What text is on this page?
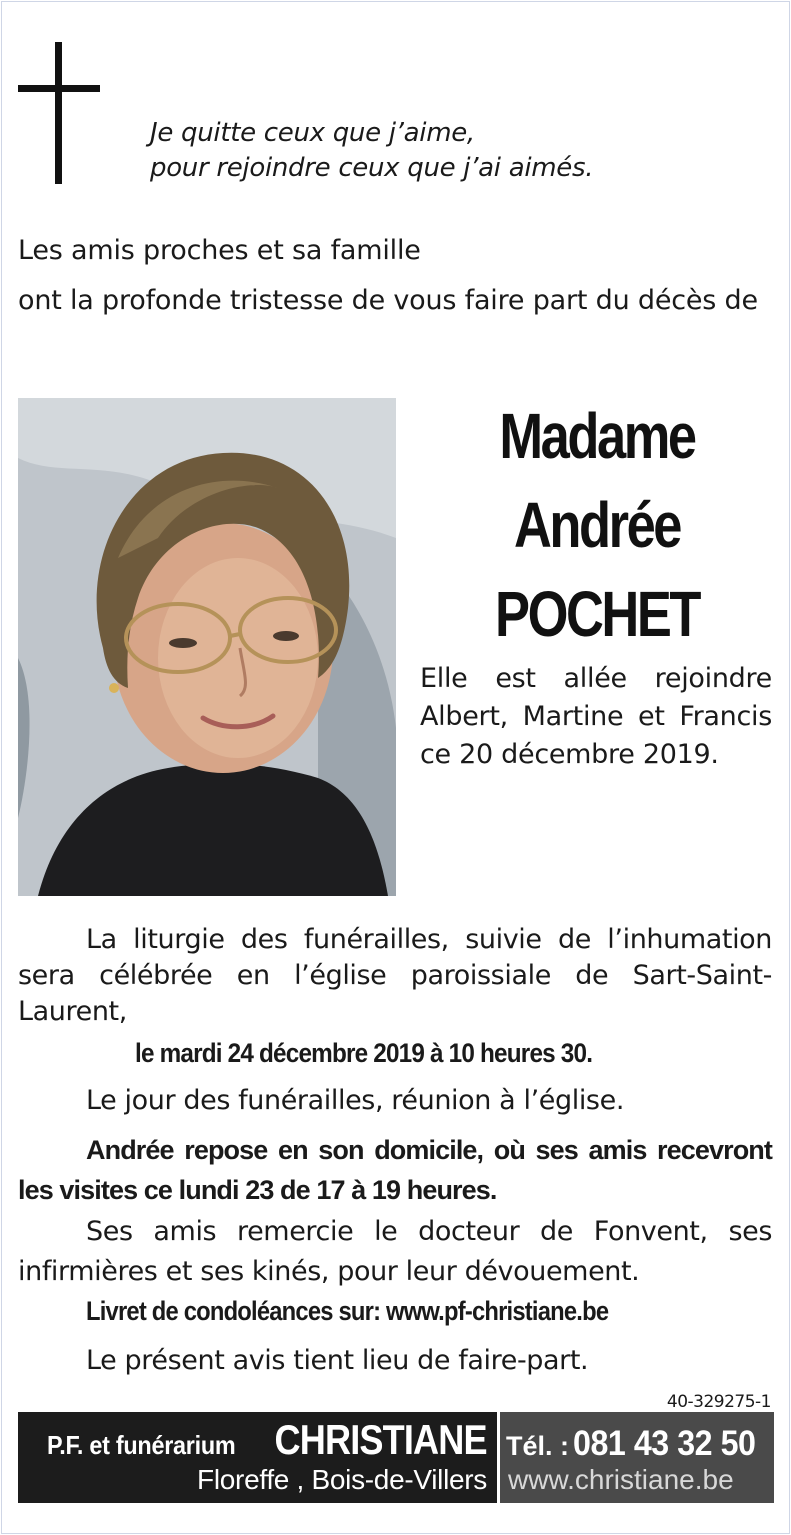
Je quitte ceux que j’aime,
pour rejoindre ceux que j’ai aimés.

Les amis proches et sa famille

ont la profonde tristesse de vous faire part du décès de

Madame
Andrée
POCHET

Elle est allée rejoindre Albert, Martine et Francis ce 20 décembre 2019.

La liturgie des funérailles, suivie de l’inhumation sera célébrée en l’église paroissiale de Sart-Saint-Laurent,

le mardi 24 décembre 2019 à 10 heures 30.

Le jour des funérailles, réunion à l’église.

Andrée repose en son domicile, où ses amis recevront les visites ce lundi 23 de 17 à 19 heures.

Ses amis remercie le docteur de Fonvent, ses infirmières et ses kinés, pour leur dévouement.

Livret de condoléances sur: www.pf-christiane.be

Le présent avis tient lieu de faire-part.

40-329275-1
P.F. et funérarium CHRISTIANE
Floreffe , Bois-de-Villers
Tél. : 081 43 32 50
www.christiane.be
